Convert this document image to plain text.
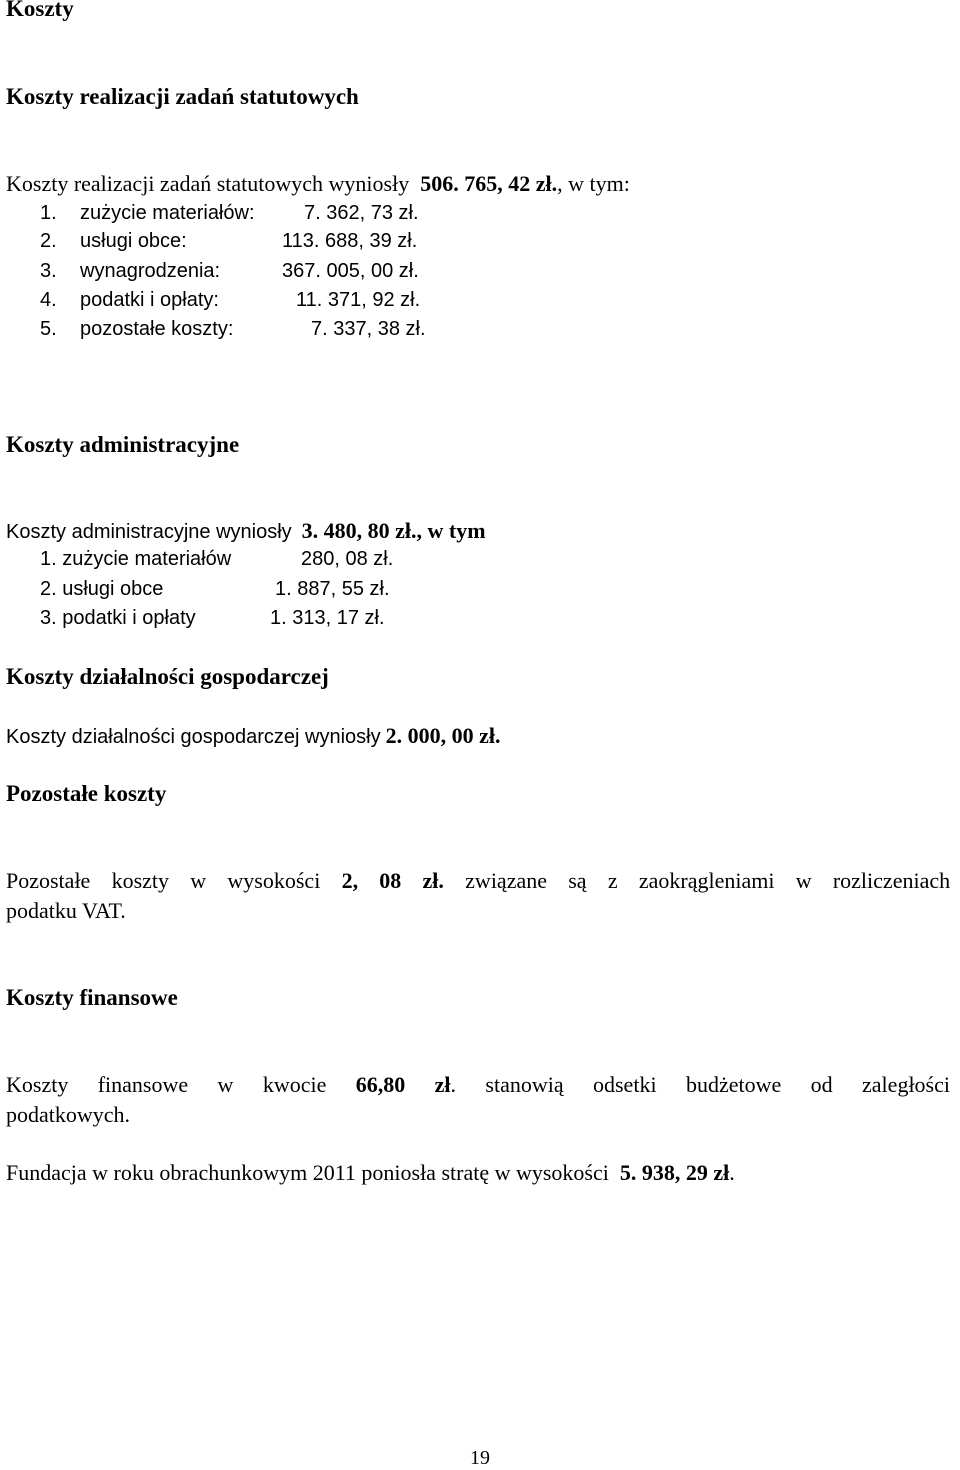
Koszty
Koszty realizacji zadań statutowych
Koszty realizacji zadań statutowych wyniosły 506. 765, 42 zł., w tym:
1. zużycie materiałów: 7. 362, 73 zł.
2. usługi obce:	113. 688, 39 zł.
3. wynagrodzenia:	367. 005, 00 zł.
4. podatki i opłaty:	11. 371, 92 zł.
5. pozostałe koszty:	7. 337, 38 zł.
Koszty administracyjne
Koszty administracyjne wyniosły 3. 480, 80 zł., w tym
1. zużycie materiałów	280, 08 zł.
2. usługi obce	1. 887, 55 zł.
3. podatki i opłaty	1. 313, 17 zł.
Koszty działalności gospodarczej
Koszty działalności gospodarczej wyniosły 2. 000, 00 zł.
Pozostałe koszty
Pozostałe koszty w wysokości 2, 08 zł. związane są z zaokrągleniami w rozliczeniach
podatku VAT.
Koszty finansowe
Koszty finansowe w kwocie 66,80 zł. stanowią odsetki budżetowe od zaległości
podatkowych.
Fundacja w roku obrachunkowym 2011 poniosła stratę w wysokości 5. 938, 29 zł.
19
